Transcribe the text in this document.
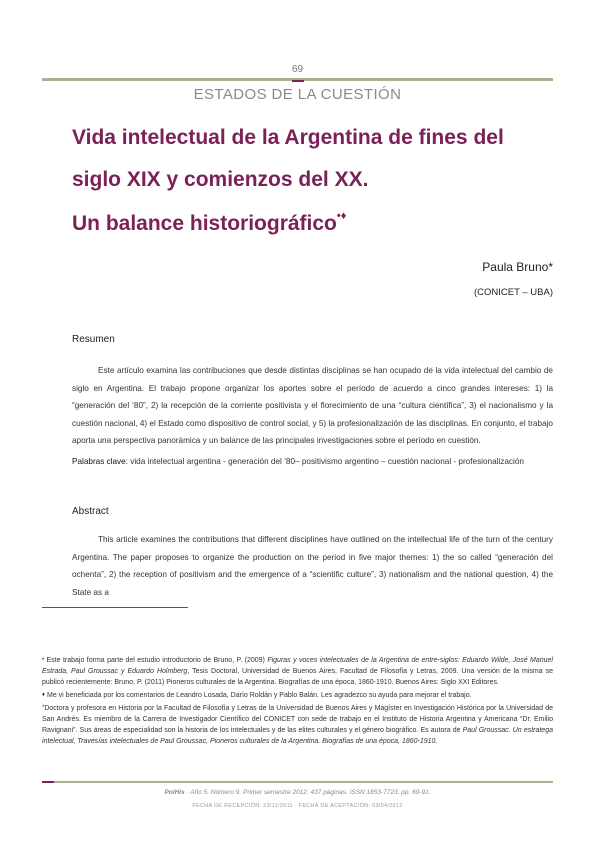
69
ESTADOS DE LA CUESTIÓN
Vida intelectual de la Argentina de fines del
siglo XIX y comienzos del XX.
Un balance historiográfico•♦
Paula Bruno*
(CONICET – UBA)
Resumen
Este artículo examina las contribuciones que desde distintas disciplinas se han ocupado de la vida intelectual del cambio de siglo en Argentina. El trabajo propone organizar los aportes sobre el período de acuerdo a cinco grandes intereses: 1) la “generación del ‘80”, 2) la recepción de la corriente positivista y el florecimiento de una “cultura científica”, 3) el nacionalismo y la cuestión nacional, 4) el Estado como dispositivo de control social, y 5) la profesionalización de las disciplinas. En conjunto, el trabajo aporta una perspectiva panorámica y un balance de las principales investigaciones sobre el período en cuestión.
Palabras clave: vida intelectual argentina - generación del ‘80– positivismo argentino – cuestión nacional - profesionalización
Abstract
This article examines the contributions that different disciplines have outlined on the intellectual life of the turn of the century Argentina. The paper proposes to organize the production on the period in five major themes: 1) the so called “generación del ochenta”, 2) the reception of positivism and the emergence of a “scientific culture”, 3) nationalism and the national question, 4) the State as a

• Este trabajo forma parte del estudio introductorio de Bruno, P. (2009) Figuras y voces intelectuales de la Argentina de entre-siglos: Eduardo Wilde, José Manuel Estrada, Paul Groussac y Eduardo Holmberg, Tesis Doctoral, Universidad de Buenos Aires, Facultad de Filosofía y Letras, 2009. Una versión de la misma se publicó recientemente: Bruno, P. (2011) Pioneros culturales de la Argentina. Biografías de una época, 1860-1910. Buenos Aires: Siglo XXI Editores.

♦ Me vi beneficiada por los comentarios de Leandro Losada, Darío Roldán y Pablo Balán. Les agradezco su ayuda para mejorar el trabajo.

*Doctora y profesora en Historia por la Facultad de Filosofía y Letras de la Universidad de Buenos Aires y Magíster en Investigación Histórica por la Universidad de San Andrés. Es miembro de la Carrera de Investigador Científico del CONICET con sede de trabajo en el Instituto de Historia Argentina y Americana “Dr. Emilio Ravignani”. Sus áreas de especialidad son la historia de los intelectuales y de las elites culturales y el género biográfico. Es autora de Paul Groussac. Un estratega intelectual, Travesías intelectuales de Paul Groussac, Pioneros culturales de la Argentina. Biografías de una época, 1860-1910.

PolHis · Año 5. Número 9. Primer semestre 2012. 437 páginas. ISSN 1853-7723, pp. 69-91.
FECHA DE RECEPCIÓN: 23/11/2011 · FECHA DE ACEPTACIÓN: 03/04/2012
